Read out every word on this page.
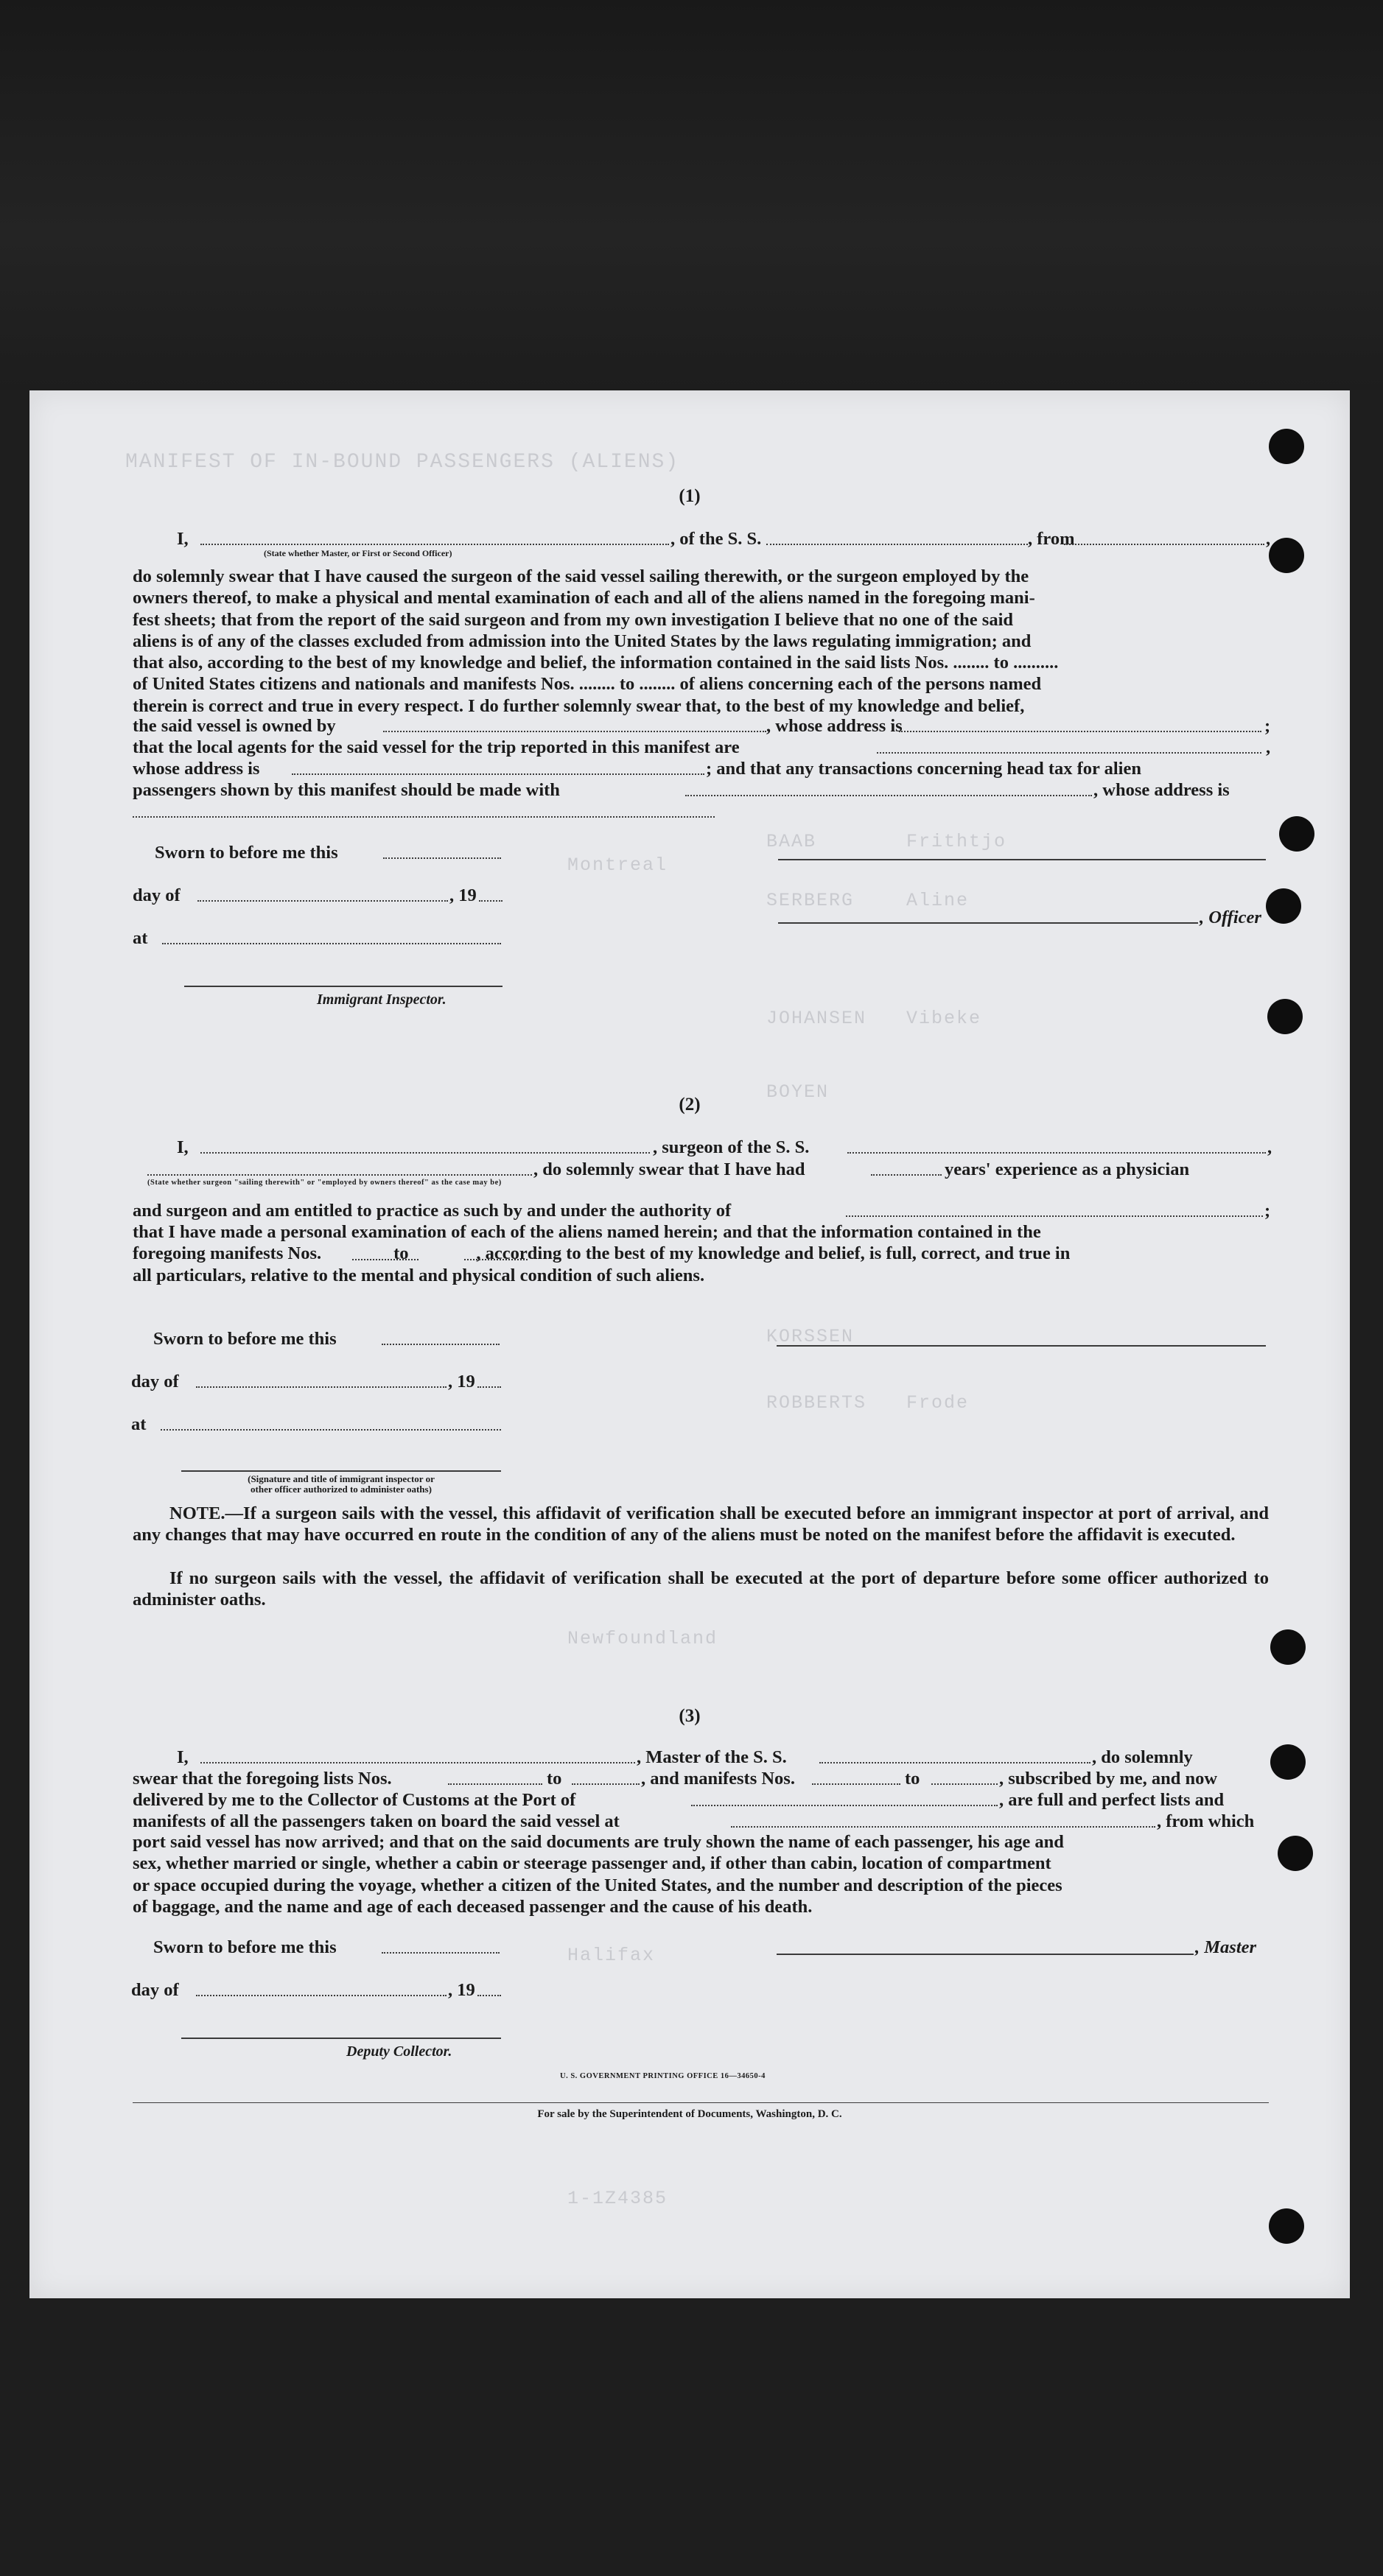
MANIFEST OF IN-BOUND PASSENGERS (ALIENS)
BAAB	Frithtjo
SERBERG	Aline
JOHANSEN Vibeke
BOYEN
KORSSEN
ROBBERTS Frode
Montreal
Newfoundland
1-1Z4385
Halifax
(1)
I,
(State whether Master, or First or Second Officer)
, of the S. S.	, from	,
do solemnly swear that I have caused the surgeon of the said vessel sailing therewith, or the surgeon employed by the
owners thereof, to make a physical and mental examination of each and all of the aliens named in the foregoing mani-
fest sheets; that from the report of the said surgeon and from my own investigation I believe that no one of the said
aliens is of any of the classes excluded from admission into the United States by the laws regulating immigration; and
that also, according to the best of my knowledge and belief, the information contained in the said lists Nos. ........ to ..........
of United States citizens and nationals and manifests Nos. ........ to ........ of aliens concerning each of the persons named
therein is correct and true in every respect. I do further solemnly swear that, to the best of my knowledge and belief,
the said vessel is owned by	, whose address is	;
that the local agents for the said vessel for the trip reported in this manifest are	,
whose address is	; and that any transactions concerning head tax for alien
passengers shown by this manifest should be made with	, whose address is
Sworn to before me this
day of	, 19
, Officer
at
Immigrant Inspector.
(2)
I,	, surgeon of the S. S.	,
, do solemnly swear that I have had	years' experience as a physician
(State whether surgeon "sailing therewith" or "employed by owners thereof" as the case may be)
and surgeon and am entitled to practice as such by and under the authority of	;
that I have made a personal examination of each of the aliens named herein; and that the information contained in the
foregoing manifests Nos.                to               , according to the best of my knowledge and belief, is full, correct, and true in
all particulars, relative to the mental and physical condition of such aliens.
Sworn to before me this
day of	, 19
at
(Signature and title of immigrant inspector or
other officer authorized to administer oaths)
NOTE.—If a surgeon sails with the vessel, this affidavit of verification shall be executed before an immigrant inspector at port of arrival, and any changes that may have occurred en route in the condition of any of the aliens must be noted on the manifest before the affidavit is executed.
If no surgeon sails with the vessel, the affidavit of verification shall be executed at the port of departure before some officer authorized to administer oaths.
(3)
I,	, Master of the S. S.	, do solemnly
swear that the foregoing lists Nos.	to	, and manifests Nos.	to	, subscribed by me, and now
delivered by me to the Collector of Customs at the Port of	, are full and perfect lists and
manifests of all the passengers taken on board the said vessel at	, from which
port said vessel has now arrived; and that on the said documents are truly shown the name of each passenger, his age and
sex, whether married or single, whether a cabin or steerage passenger and, if other than cabin, location of compartment
or space occupied during the voyage, whether a citizen of the United States, and the number and description of the pieces
of baggage, and the name and age of each deceased passenger and the cause of his death.
Sworn to before me this	, Master
day of	, 19
Deputy Collector.
U. S. GOVERNMENT PRINTING OFFICE 16—34650-4
For sale by the Superintendent of Documents, Washington, D. C.
